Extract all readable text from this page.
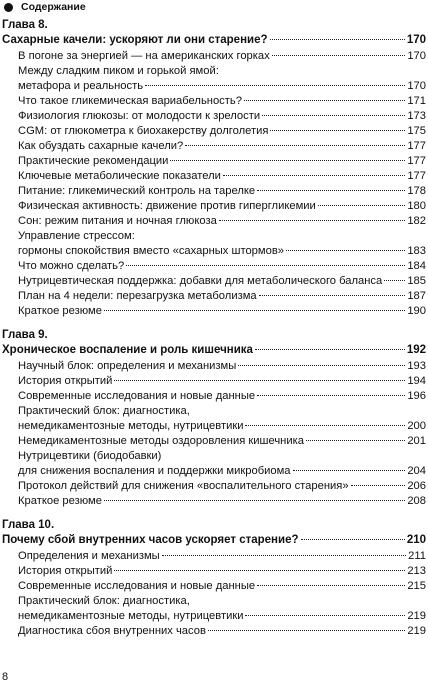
Содержание
Глава 8.
Сахарные качели: ускоряют ли они старение?	170
В погоне за энергией — на американских горках	170
Между сладким пиком и горькой ямой:
метафора и реальность	170
Что такое гликемическая вариабельность?	171
Физиология глюкозы: от молодости к зрелости	173
CGM: от глюкометра к биохакерству долголетия	175
Как обуздать сахарные качели?	177
Практические рекомендации	177
Ключевые метаболические показатели	177
Питание: гликемический контроль на тарелке	178
Физическая активность: движение против гипергликемии	180
Сон: режим питания и ночная глюкоза	182
Управление стрессом:
гормоны спокойствия вместо «сахарных штормов»	183
Что можно сделать?	184
Нутрицевтическая поддержка: добавки для метаболического баланса 185
План на 4 недели: перезагрузка метаболизма	187
Краткое резюме	190
Глава 9.
Хроническое воспаление и роль кишечника	192
Научный блок: определения и механизмы	193
История открытий	194
Современные исследования и новые данные	196
Практический блок: диагностика,
немедикаментозные методы, нутрицевтики	200
Немедикаментозные методы оздоровления кишечника	201
Нутрицевтики (биодобавки)
для снижения воспаления и поддержки микробиома	204
Протокол действий для снижения «воспалительного старения»	206
Краткое резюме	208
Глава 10.
Почему сбой внутренних часов ускоряет старение?	210
Определения и механизмы	211
История открытий	213
Современные исследования и новые данные	215
Практический блок: диагностика,
немедикаментозные методы, нутрицевтики	219
Диагностика сбоя внутренних часов	219
8
